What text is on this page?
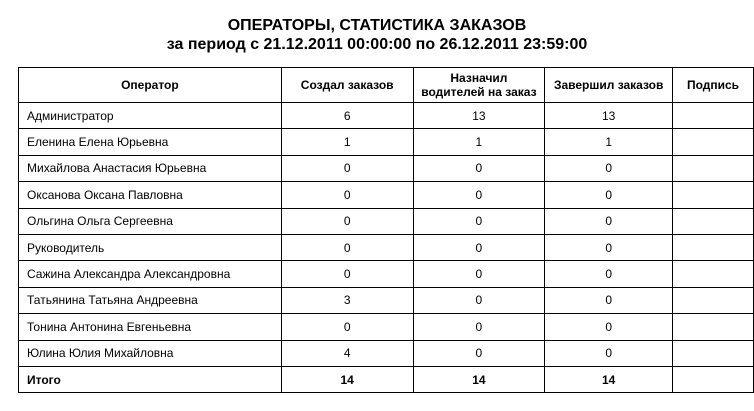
ОПЕРАТОРЫ, СТАТИСТИКА ЗАКАЗОВ
за период с 21.12.2011 00:00:00 по 26.12.2011 23:59:00
Оператор	Создал заказов	Назначил водителей на заказ	Завершил заказов	Подпись
Администратор	6	13	13	
Еленина Елена Юрьевна	1	1	1	
Михайлова Анастасия Юрьевна	0	0	0	
Оксанова Оксана Павловна	0	0	0	
Ольгина Ольга Сергеевна	0	0	0	
Руководитель	0	0	0	
Сажина Александра Александровна	0	0	0	
Татьянина Татьяна Андреевна	3	0	0	
Тонина Антонина Евгеньевна	0	0	0	
Юлина Юлия Михайловна	4	0	0	
Итого	14	14	14	
